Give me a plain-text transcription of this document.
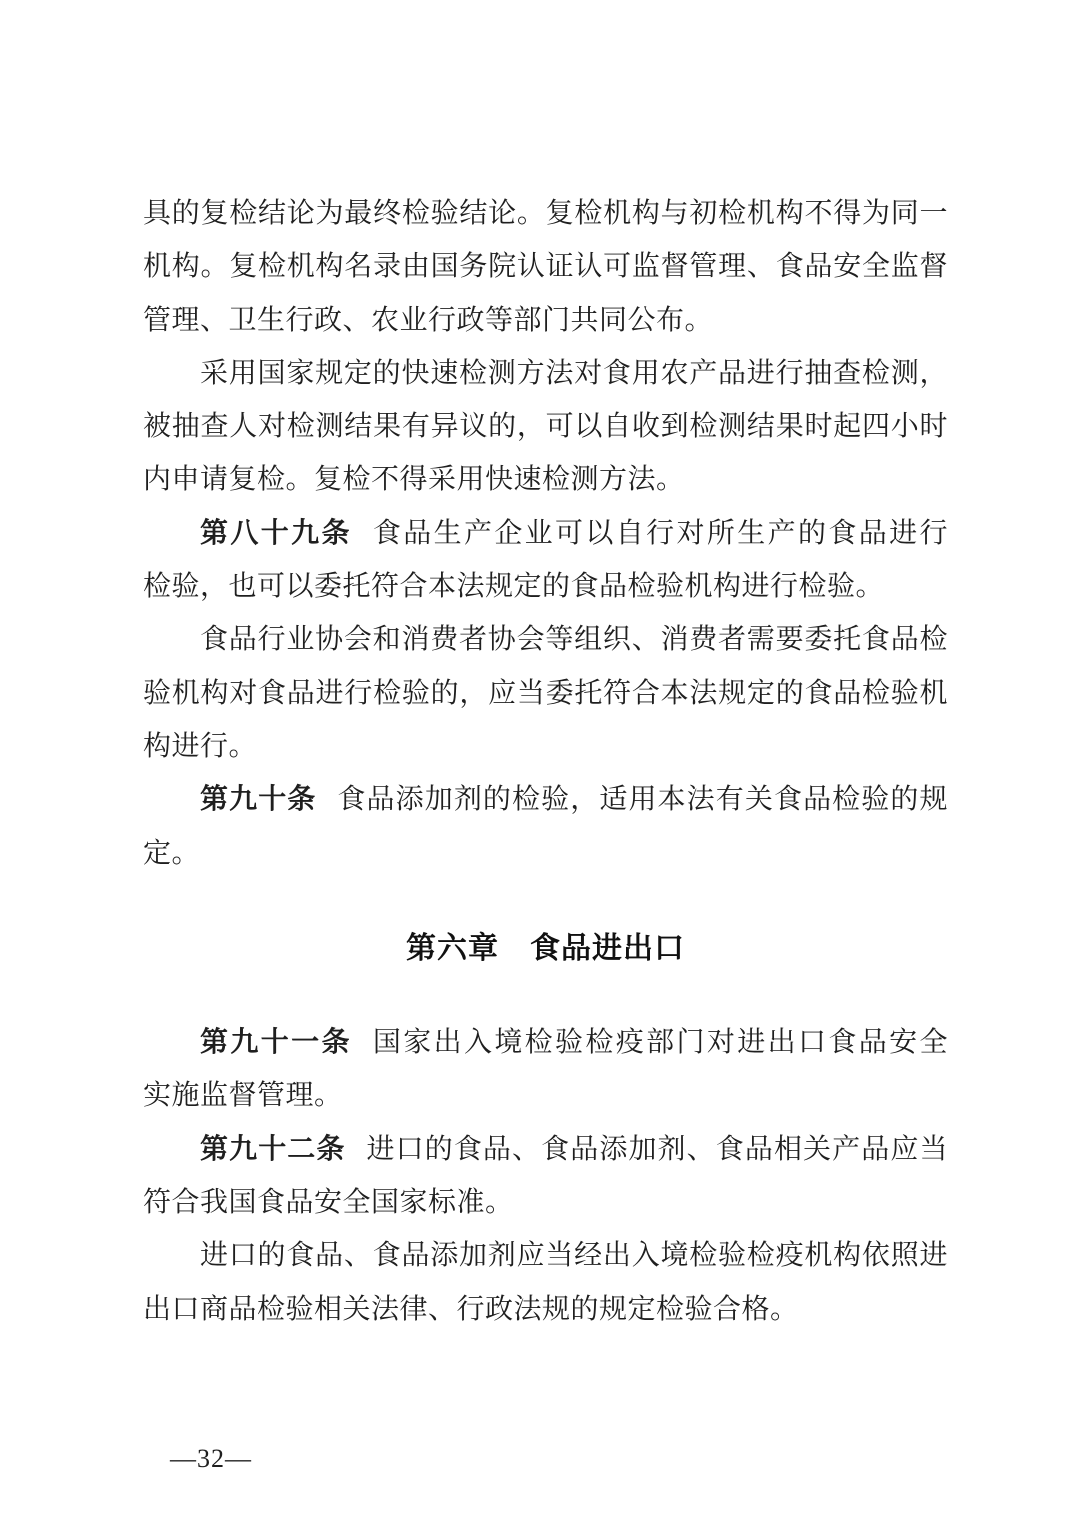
具的复检结论为最终检验结论。复检机构与初检机构不得为同一
机构。复检机构名录由国务院认证认可监督管理、食品安全监督
管理、卫生行政、农业行政等部门共同公布。
采用国家规定的快速检测方法对食用农产品进行抽查检测，
被抽查人对检测结果有异议的，可以自收到检测结果时起四小时
内申请复检。复检不得采用快速检测方法。
第八十九条 食品生产企业可以自行对所生产的食品进行
检验，也可以委托符合本法规定的食品检验机构进行检验。
食品行业协会和消费者协会等组织、消费者需要委托食品检
验机构对食品进行检验的，应当委托符合本法规定的食品检验机
构进行。
第九十条 食品添加剂的检验，适用本法有关食品检验的规
定。
第六章　食品进出口
第九十一条 国家出入境检验检疫部门对进出口食品安全
实施监督管理。
第九十二条 进口的食品、食品添加剂、食品相关产品应当
符合我国食品安全国家标准。
进口的食品、食品添加剂应当经出入境检验检疫机构依照进
出口商品检验相关法律、行政法规的规定检验合格。
—32—
